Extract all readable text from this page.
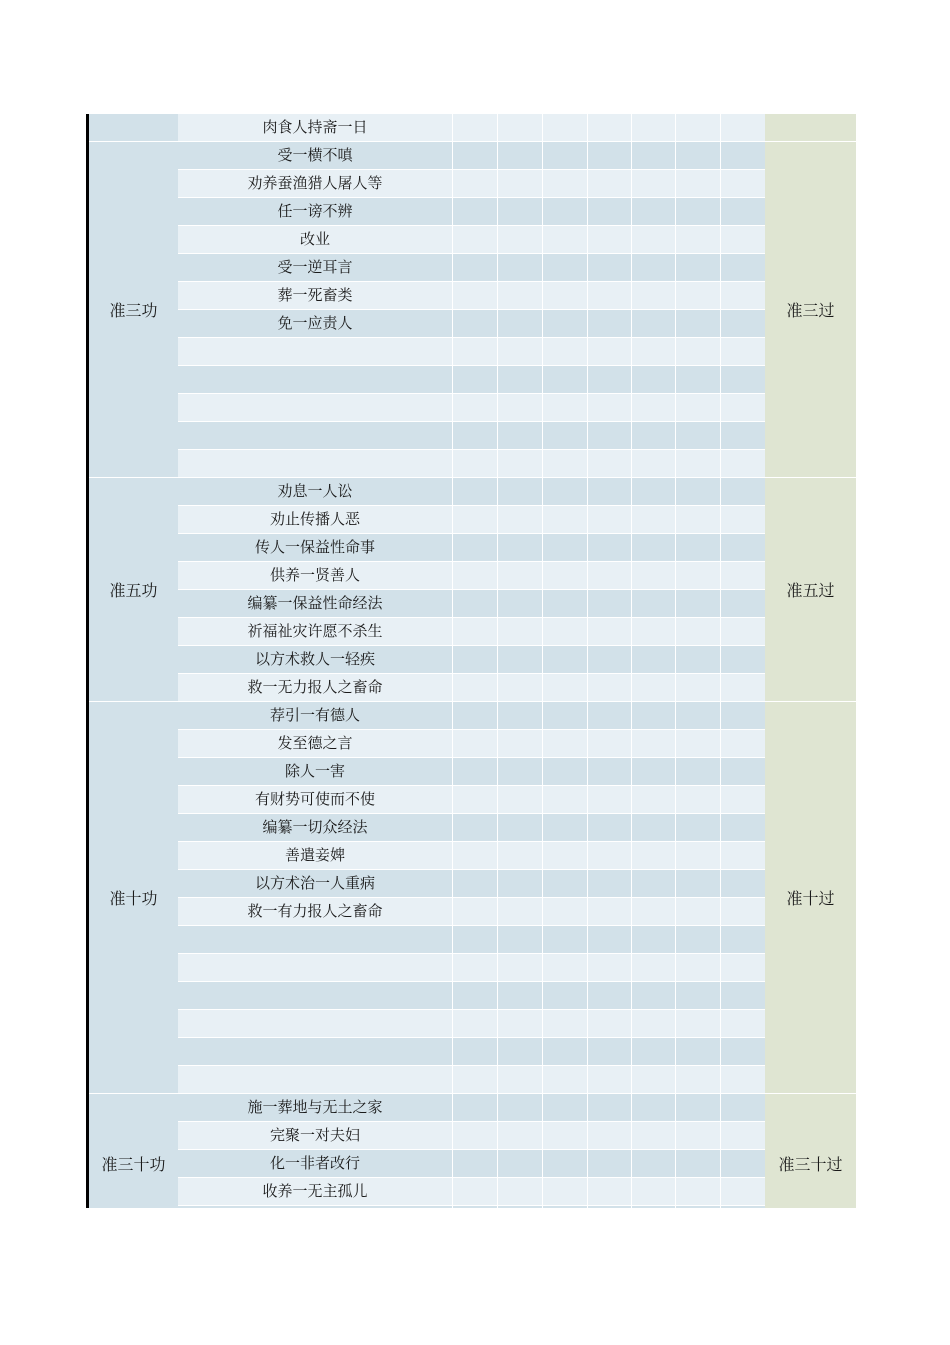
肉食人持斋一日
准三功
受一横不嗔
劝养蚕渔猎人屠人等
任一谤不辨
改业
受一逆耳言
葬一死畜类
免一应责人
准三过
准五功
劝息一人讼
劝止传播人恶
传人一保益性命事
供养一贤善人
编纂一保益性命经法
祈福祉灾许愿不杀生
以方术救人一轻疾
救一无力报人之畜命
准五过
准十功
荐引一有德人
发至德之言
除人一害
有财势可使而不使
编纂一切众经法
善遣妾婢
以方术治一人重病
救一有力报人之畜命
准十过
准三十功
施一葬地与无土之家
完聚一对夫妇
化一非者改行
收养一无主孤儿
准三十过
